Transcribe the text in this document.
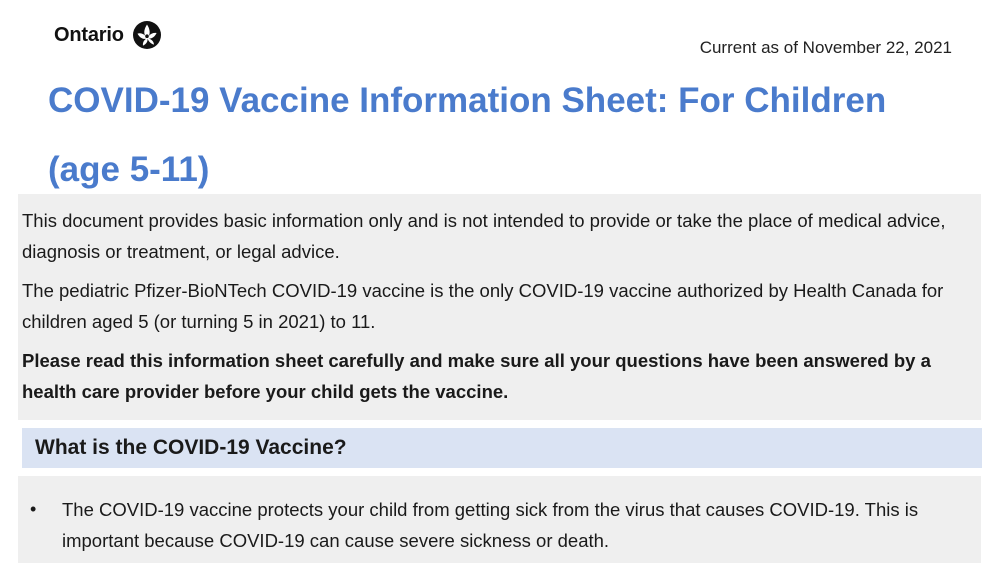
Ontario
Current as of November 22, 2021
COVID-19 Vaccine Information Sheet: For Children (age 5-11)

This document provides basic information only and is not intended to provide or take the place of medical advice, diagnosis or treatment, or legal advice.

The pediatric Pfizer-BioNTech COVID-19 vaccine is the only COVID-19 vaccine authorized by Health Canada for children aged 5 (or turning 5 in 2021) to 11.

Please read this information sheet carefully and make sure all your questions have been answered by a health care provider before your child gets the vaccine.

What is the COVID-19 Vaccine?
•	The COVID-19 vaccine protects your child from getting sick from the virus that causes COVID-19. This is important because COVID-19 can cause severe sickness or death.
